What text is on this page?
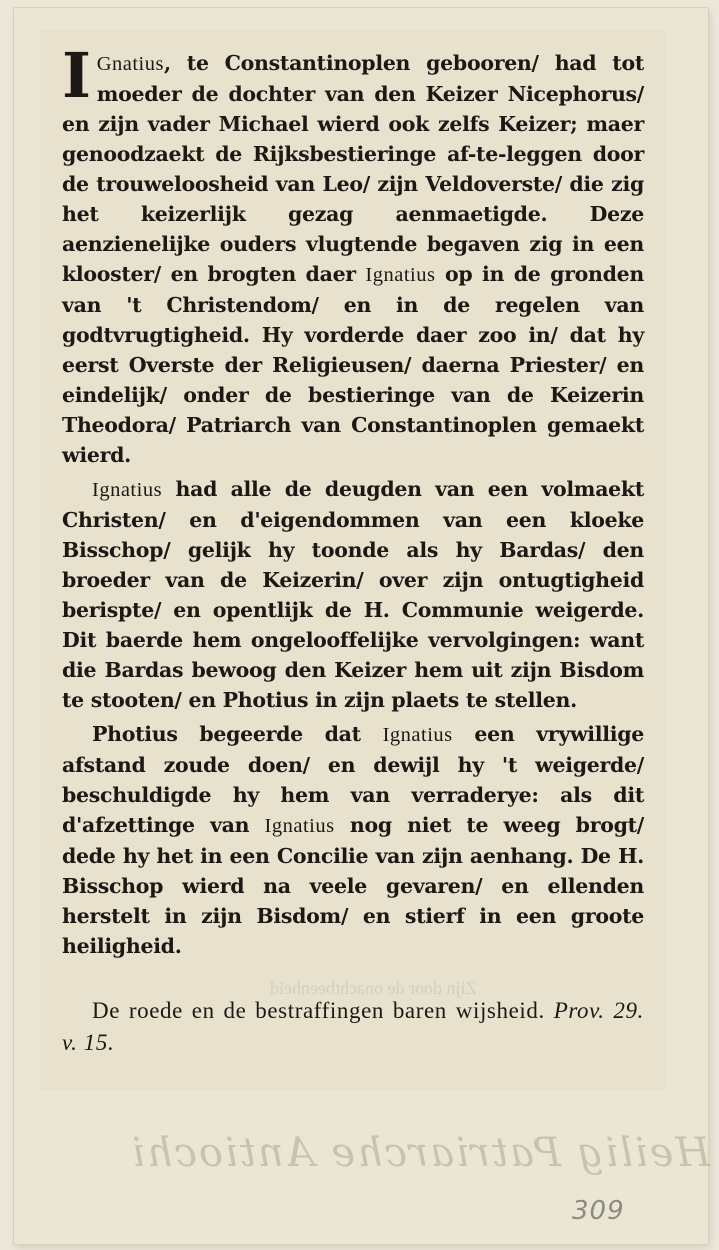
Zijn door de onachtbeenheid

I Gnatius, te Constantinoplen gebooren/ had tot moeder de dochter van den Keizer Nicephorus/ en zijn vader Michael wierd ook zelfs Keizer; maer genoodzaekt de Rijksbestieringe af-te-leggen door de trouweloosheid van Leo/ zijn Veldoverste/ die zig het keizerlijk gezag aenmaetigde. Deze aenzienelijke ouders vlugtende begaven zig in een klooster/ en brogten daer Ignatius op in de gronden van 't Christendom/ en in de regelen van godtvrugtigheid. Hy vorderde daer zoo in/ dat hy eerst Overste der Religieusen/ daerna Priester/ en eindelijk/ onder de bestieringe van de Keizerin Theodora/ Patriarch van Constantinoplen gemaekt wierd.

Ignatius had alle de deugden van een volmaekt Christen/ en d'eigendommen van een kloeke Bisschop/ gelijk hy toonde als hy Bardas/ den broeder van de Keizerin/ over zijn ontugtigheid berispte/ en opentlijk de H. Communie weigerde. Dit baerde hem ongelooffelijke vervolgingen: want die Bardas bewoog den Keizer hem uit zijn Bisdom te stooten/ en Photius in zijn plaets te stellen.

Photius begeerde dat Ignatius een vrywillige afstand zoude doen/ en dewijl hy 't weigerde/ beschuldigde hy hem van verraderye: als dit d'afzettinge van Ignatius nog niet te weeg brogt/ dede hy het in een Concilie van zijn aenhang. De H. Bisschop wierd na veele gevaren/ en ellenden herstelt in zijn Bisdom/ en stierf in een groote heiligheid.

De roede en de bestraffingen baren wijsheid. Prov. 29. v. 15.

Heilig Patriarche Antiochi
309
